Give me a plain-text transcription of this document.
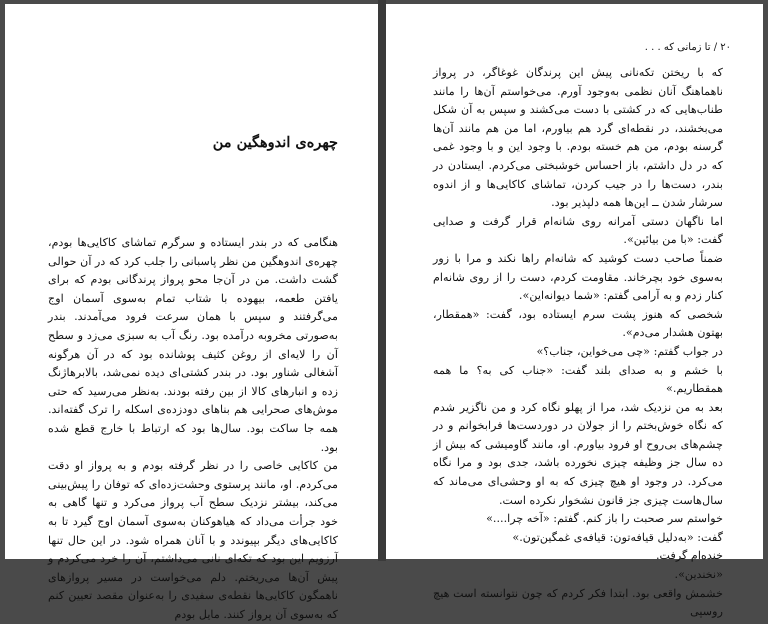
چهره‌ی اندوهگین من

هنگامی که در بندر ایستاده و سرگرم تماشای کاکایی‌ها بودم، چهره‌ی اندوهگین من نظر پاسبانی را جلب کرد که در آن حوالی گشت داشت. من در آن‌جا محو پرواز پرندگانی بودم که برای یافتن طعمه، بیهوده با شتاب تمام به‌سوی آسمان اوج می‌گرفتند و سپس با همان سرعت فرود می‌آمدند. بندر به‌صورتی مخروبه درآمده بود. رنگ آب به سبزی می‌زد و سطح آن را لایه‌ای از روغن کثیف پوشانده بود که در آن هرگونه آشغالی شناور بود. در بندر کشتی‌ای دیده نمی‌شد، بالابرهاژ‌نگ زده و انبارهای کالا از بین رفته بودند. به‌نظر می‌رسید که حتی موش‌های صحرایی هم بناهای دودزده‌ی اسکله را ترک گفته‌اند. همه جا ساکت بود. سال‌ها بود که ارتباط با خارج قطع شده بود.

من کاکایی خاصی را در نظر گرفته بودم و به پرواز او دقت می‌کردم. او، مانند پرستوی وحشت‌زده‌ای که توفان را پیش‌بینی می‌کند، بیشتر نزدیک سطح آب پرواز می‌کرد و تنها گاهی به خود جرأت می‌داد که هیاهوکنان به‌سوی آسمان اوج گیرد تا به کاکایی‌های دیگر بپیوندد و با آنان همراه شود. در این حال تنها آرزویم این بود که تکه‌ای نانی می‌داشتم، آن را خرد می‌کردم و پیش آن‌ها می‌ریختم. دلم می‌خواست در مسیر پروازهای ناهمگون کاکایی‌ها نقطه‌ی سفیدی را به‌عنوان مقصد تعیین کنم که به‌سوی آن پرواز کنند. مایل بودم

۲۰ / تا زمانی که . . .

که با ریختن تکه‌نانی پیش این پرندگان غوغاگر، در پرواز ناهماهنگ آنان نظمی به‌وجود آورم. می‌خواستم آن‌ها را مانند طناب‌هایی که در کشتی با دست می‌کشند و سپس به آن شکل می‌بخشند، در نقطه‌ای گرد هم بیاورم، اما من هم مانند آن‌ها گرسنه بودم، من هم خسته بودم. با وجود این و با وجود غمی که در دل داشتم، باز احساس خوشبختی می‌کردم. ایستادن در بندر، دست‌ها را در جیب کردن، تماشای کاکایی‌ها و از اندوه سرشار شدن ــ این‌ها همه دلپذیر بود.

اما نا‌گهان دستی آمرانه روی شانه‌ام قرار گرفت و صدایی گفت: «با من بیائین».

ضمناً صاحب دست کوشید که شانه‌ام را‌ها نکند و مرا با زور به‌سوی خود بچرخاند. مقاومت کردم، دست را از روی شانه‌ام کنار زدم و به آرامی گفتم: «شما دیوانه‌این».

شخصی که هنوز پشت سرم ایستاده بود، گفت: «همقطار، بهتون هشدار می‌دم».

در جواب گفتم: «چی می‌خواین، جناب؟»

با خشم و به صدای بلند گفت: «جناب کی به؟ ما همه همقطاریم.»

بعد به من نزدیک شد، مرا از پهلو نگاه کرد و من ناگزیر شدم که نگاه خوش‌بختم را از جولان در دوردست‌ها فرابخوانم و در چشم‌های بی‌روح او فرود بیاورم. او، مانند گاومیشی که بیش از ده سال جز وظیفه چیزی نخورده باشد، جدی بود و مرا نگاه می‌کرد. در وجود او هیچ چیزی که به او وحشی‌ای می‌ماند که سال‌هاست چیزی جز قانون نشخوار نکرده است.

خواستم سر صحبت را باز کنم. گفتم: «آخه چرا....»

گفت: «به‌دلیل قیافه‌تون: قیافه‌ی غمگین‌تون.»

خنده‌ام گرفت.

«نخندین».

خشمش واقعی بود. ابتدا فکر کردم که چون نتوانسته است هیچ روسپی
